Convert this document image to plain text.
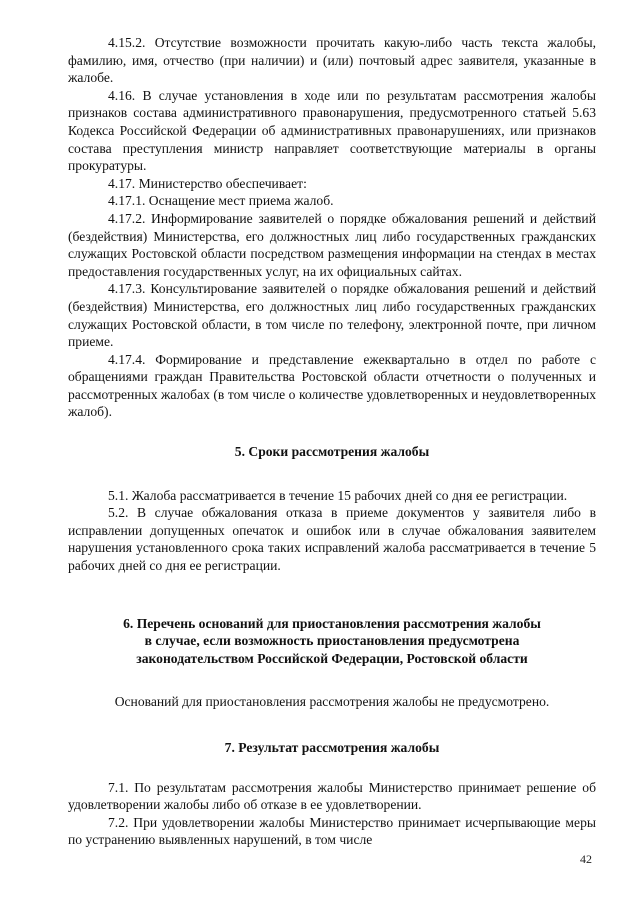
4.15.2. Отсутствие возможности прочитать какую-либо часть текста жалобы, фамилию, имя, отчество (при наличии) и (или) почтовый адрес заявителя, указанные в жалобе.

4.16. В случае установления в ходе или по результатам рассмотрения жалобы признаков состава административного правонарушения, предусмотренного статьей 5.63 Кодекса Российской Федерации об административных правонарушениях, или признаков состава преступления министр направляет соответствующие материалы в органы прокуратуры.

4.17. Министерство обеспечивает:

4.17.1. Оснащение мест приема жалоб.

4.17.2. Информирование заявителей о порядке обжалования решений и действий (бездействия) Министерства, его должностных лиц либо государственных гражданских служащих Ростовской области посредством размещения информации на стендах в местах предоставления государственных услуг, на их официальных сайтах.

4.17.3. Консультирование заявителей о порядке обжалования решений и действий (бездействия) Министерства, его должностных лиц либо государственных гражданских служащих Ростовской области, в том числе по телефону, электронной почте, при личном приеме.

4.17.4. Формирование и представление ежеквартально в отдел по работе с обращениями граждан Правительства Ростовской области отчетности о полученных и рассмотренных жалобах (в том числе о количестве удовлетворенных и неудовлетворенных жалоб).

5. Сроки рассмотрения жалобы

5.1. Жалоба рассматривается в течение 15 рабочих дней со дня ее регистрации.

5.2. В случае обжалования отказа в приеме документов у заявителя либо в исправлении допущенных опечаток и ошибок или в случае обжалования заявителем нарушения установленного срока таких исправлений жалоба рассматривается в течение 5 рабочих дней со дня ее регистрации.

6. Перечень оснований для приостановления рассмотрения жалобы

в случае, если возможность приостановления предусмотрена

законодательством Российской Федерации, Ростовской области

Оснований для приостановления рассмотрения жалобы не предусмотрено.

7. Результат рассмотрения жалобы

7.1. По результатам рассмотрения жалобы Министерство принимает решение об удовлетворении жалобы либо об отказе в ее удовлетворении.

7.2. При удовлетворении жалобы Министерство принимает исчерпывающие меры по устранению выявленных нарушений, в том числе

42
